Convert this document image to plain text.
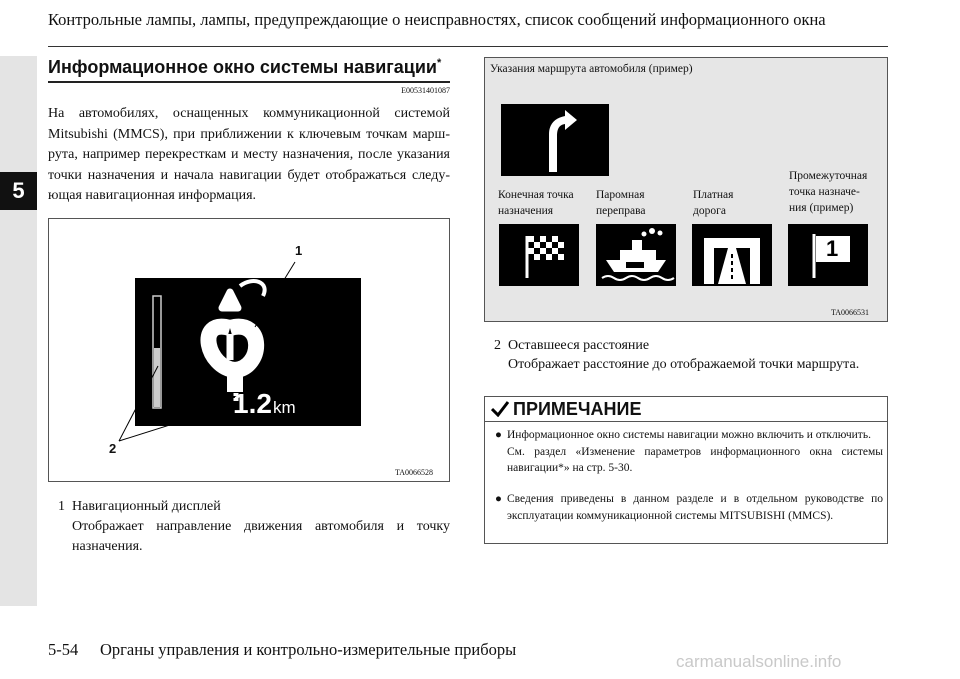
5
Контрольные лампы, лампы, предупреждающие о неисправностях, список сообщений информационного окна
Информационное окно системы навигации*
E00531401087
На автомобилях, оснащенных коммуникационной системой Mitsubishi (MMCS), при приближении к ключевым точкам марш-рута, например перекресткам и месту назначения, после указания точки назначения и начала навигации будет отображаться следу-ющая навигационная информация.
1.2 km
1
2
TA0066528
1 Навигационный дисплей
Отображает направление движения автомобиля и точку назначения.
Указания маршрута автомобиля (пример)
Конечная точка
назначения
Паромная
переправа
Платная
дорога
Промежуточная
точка назначе-
ния (пример)
1
TA0066531
2 Оставшееся расстояние
Отображает расстояние до отображаемой точки маршрута.
ПРИМЕЧАНИЕ
● Информационное окно системы навигации можно включить и отключить.
См. раздел «Изменение параметров информационного окна системы навигации*» на стр. 5-30.
● Сведения приведены в данном разделе и в отдельном руководстве по эксплуатации коммуникационной системы MITSUBISHI (MMCS).
5-54 Органы управления и контрольно-измерительные приборы
carmanualsonline.info
